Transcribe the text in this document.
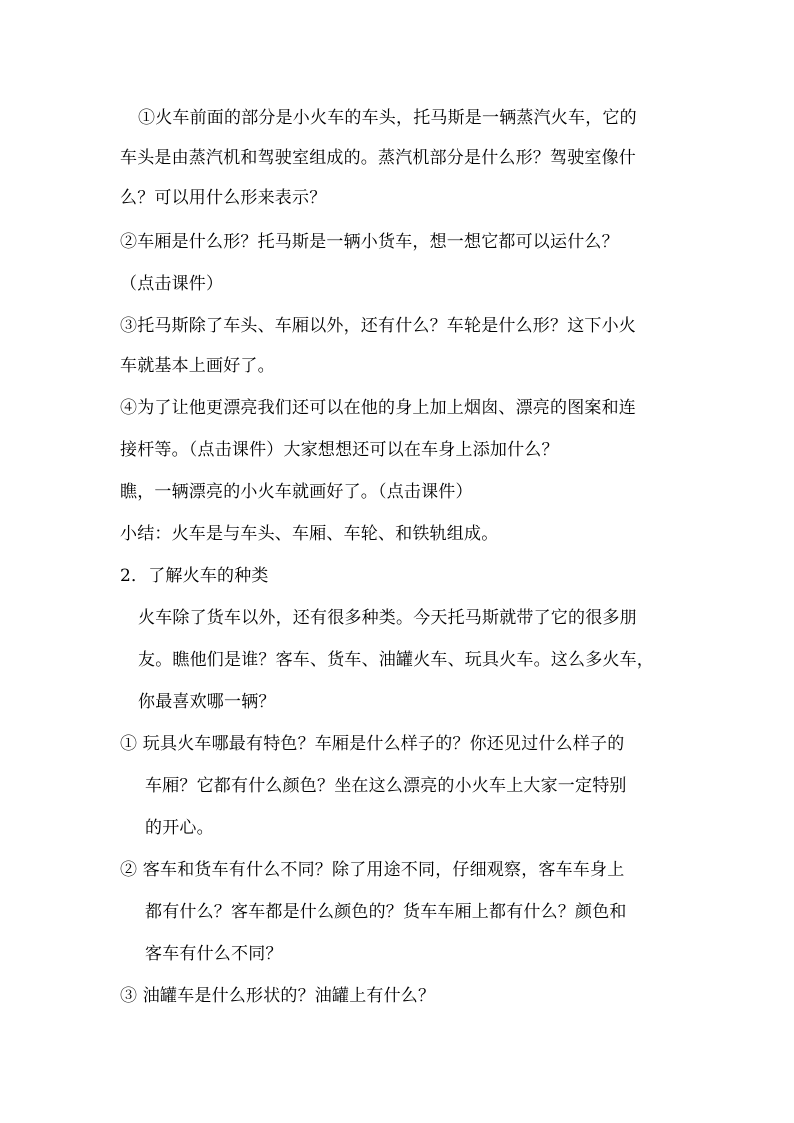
①火车前面的部分是小火车的车头，托马斯是一辆蒸汽火车，它的
车头是由蒸汽机和驾驶室组成的。蒸汽机部分是什么形？驾驶室像什
么？可以用什么形来表示？
②车厢是什么形？托马斯是一辆小货车，想一想它都可以运什么？
（点击课件）
③托马斯除了车头、车厢以外，还有什么？车轮是什么形？这下小火
车就基本上画好了。
④为了让他更漂亮我们还可以在他的身上加上烟囱、漂亮的图案和连
接杆等。（点击课件）大家想想还可以在车身上添加什么？
瞧，一辆漂亮的小火车就画好了。（点击课件）
小结：火车是与车头、车厢、车轮、和铁轨组成。
2．了解火车的种类
火车除了货车以外，还有很多种类。今天托马斯就带了它的很多朋
友。瞧他们是谁？客车、货车、油罐火车、玩具火车。这么多火车，
你最喜欢哪一辆？
① 玩具火车哪最有特色？车厢是什么样子的？你还见过什么样子的
车厢？它都有什么颜色？坐在这么漂亮的小火车上大家一定特别
的开心。
② 客车和货车有什么不同？除了用途不同，仔细观察，客车车身上
都有什么？客车都是什么颜色的？货车车厢上都有什么？颜色和
客车有什么不同？
③ 油罐车是什么形状的？油罐上有什么？
